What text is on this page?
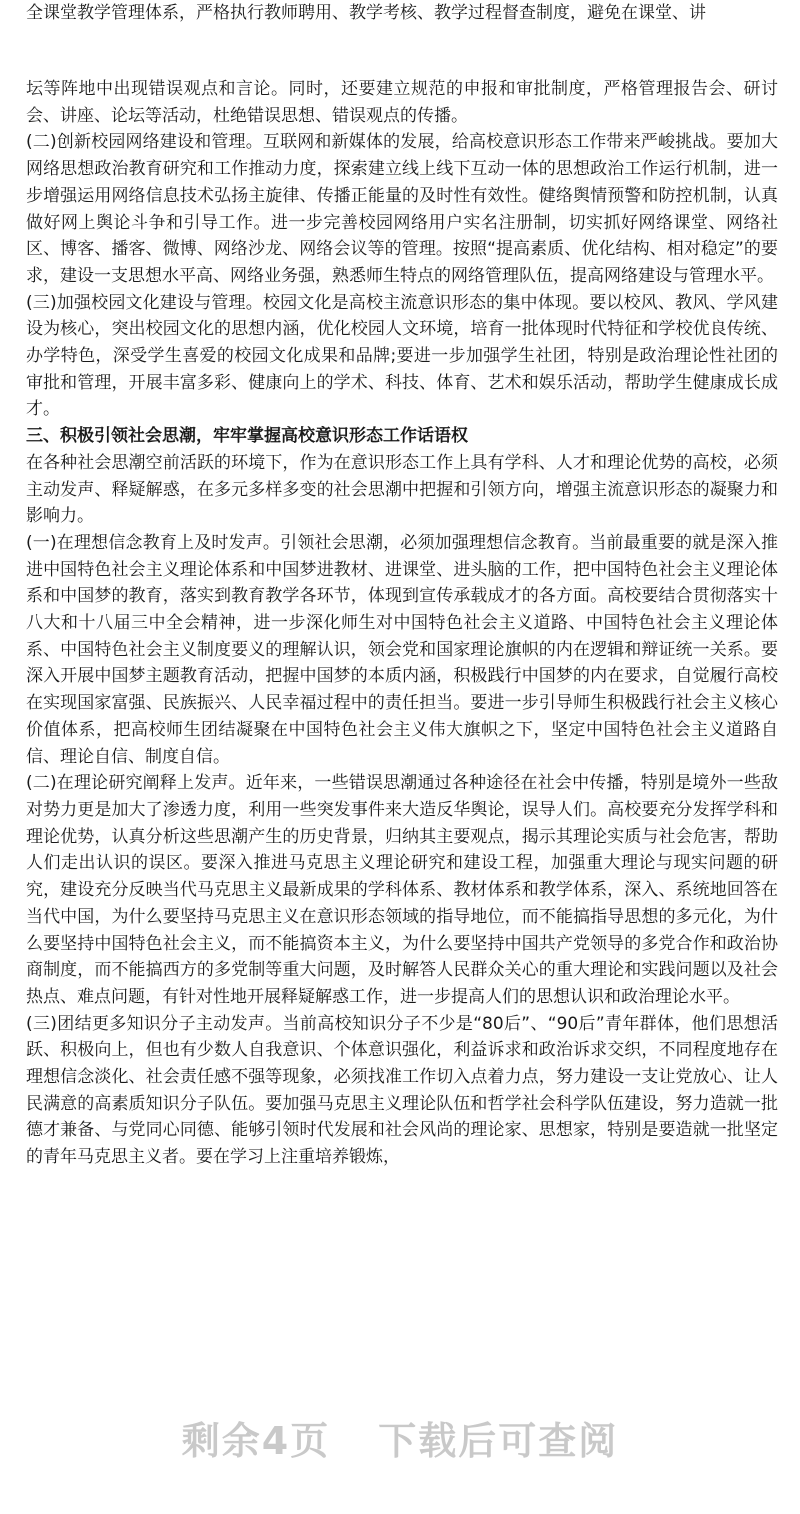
全课堂教学管理体系，严格执行教师聘用、教学考核、教学过程督查制度，避免在课堂、讲

坛等阵地中出现错误观点和言论。同时，还要建立规范的申报和审批制度，严格管理报告会、研讨会、讲座、论坛等活动，杜绝错误思想、错误观点的传播。

(二)创新校园网络建设和管理。互联网和新媒体的发展，给高校意识形态工作带来严峻挑战。要加大网络思想政治教育研究和工作推动力度，探索建立线上线下互动一体的思想政治工作运行机制，进一步增强运用网络信息技术弘扬主旋律、传播正能量的及时性有效性。健络舆情预警和防控机制，认真做好网上舆论斗争和引导工作。进一步完善校园网络用户实名注册制，切实抓好网络课堂、网络社区、博客、播客、微博、网络沙龙、网络会议等的管理。按照“提高素质、优化结构、相对稳定”的要求，建设一支思想水平高、网络业务强，熟悉师生特点的网络管理队伍，提高网络建设与管理水平。

(三)加强校园文化建设与管理。校园文化是高校主流意识形态的集中体现。要以校风、教风、学风建设为核心，突出校园文化的思想内涵，优化校园人文环境，培育一批体现时代特征和学校优良传统、办学特色，深受学生喜爱的校园文化成果和品牌;要进一步加强学生社团，特别是政治理论性社团的审批和管理，开展丰富多彩、健康向上的学术、科技、体育、艺术和娱乐活动，帮助学生健康成长成才。

三、积极引领社会思潮，牢牢掌握高校意识形态工作话语权

在各种社会思潮空前活跃的环境下，作为在意识形态工作上具有学科、人才和理论优势的高校，必须主动发声、释疑解惑，在多元多样多变的社会思潮中把握和引领方向，增强主流意识形态的凝聚力和影响力。

(一)在理想信念教育上及时发声。引领社会思潮，必须加强理想信念教育。当前最重要的就是深入推进中国特色社会主义理论体系和中国梦进教材、进课堂、进头脑的工作，把中国特色社会主义理论体系和中国梦的教育，落实到教育教学各环节，体现到宣传承载成才的各方面。高校要结合贯彻落实十八大和十八届三中全会精神，进一步深化师生对中国特色社会主义道路、中国特色社会主义理论体系、中国特色社会主义制度要义的理解认识，领会党和国家理论旗帜的内在逻辑和辩证统一关系。要深入开展中国梦主题教育活动，把握中国梦的本质内涵，积极践行中国梦的内在要求，自觉履行高校在实现国家富强、民族振兴、人民幸福过程中的责任担当。要进一步引导师生积极践行社会主义核心价值体系，把高校师生团结凝聚在中国特色社会主义伟大旗帜之下，坚定中国特色社会主义道路自信、理论自信、制度自信。

(二)在理论研究阐释上发声。近年来，一些错误思潮通过各种途径在社会中传播，特别是境外一些敌对势力更是加大了渗透力度，利用一些突发事件来大造反华舆论，误导人们。高校要充分发挥学科和理论优势，认真分析这些思潮产生的历史背景，归纳其主要观点，揭示其理论实质与社会危害，帮助人们走出认识的误区。要深入推进马克思主义理论研究和建设工程，加强重大理论与现实问题的研究，建设充分反映当代马克思主义最新成果的学科体系、教材体系和教学体系，深入、系统地回答在当代中国，为什么要坚持马克思主义在意识形态领域的指导地位，而不能搞指导思想的多元化，为什么要坚持中国特色社会主义，而不能搞资本主义，为什么要坚持中国共产党领导的多党合作和政治协商制度，而不能搞西方的多党制等重大问题，及时解答人民群众关心的重大理论和实践问题以及社会热点、难点问题，有针对性地开展释疑解惑工作，进一步提高人们的思想认识和政治理论水平。

(三)团结更多知识分子主动发声。当前高校知识分子不少是“80后”、“90后”青年群体，他们思想活跃、积极向上，但也有少数人自我意识、个体意识强化，利益诉求和政治诉求交织，不同程度地存在理想信念淡化、社会责任感不强等现象，必须找准工作切入点着力点，努力建设一支让党放心、让人民满意的高素质知识分子队伍。要加强马克思主义理论队伍和哲学社会科学队伍建设，努力造就一批德才兼备、与党同心同德、能够引领时代发展和社会风尚的理论家、思想家，特别是要造就一批坚定的青年马克思主义者。要在学习上注重培养锻炼，

剩余4页 下载后可查阅
